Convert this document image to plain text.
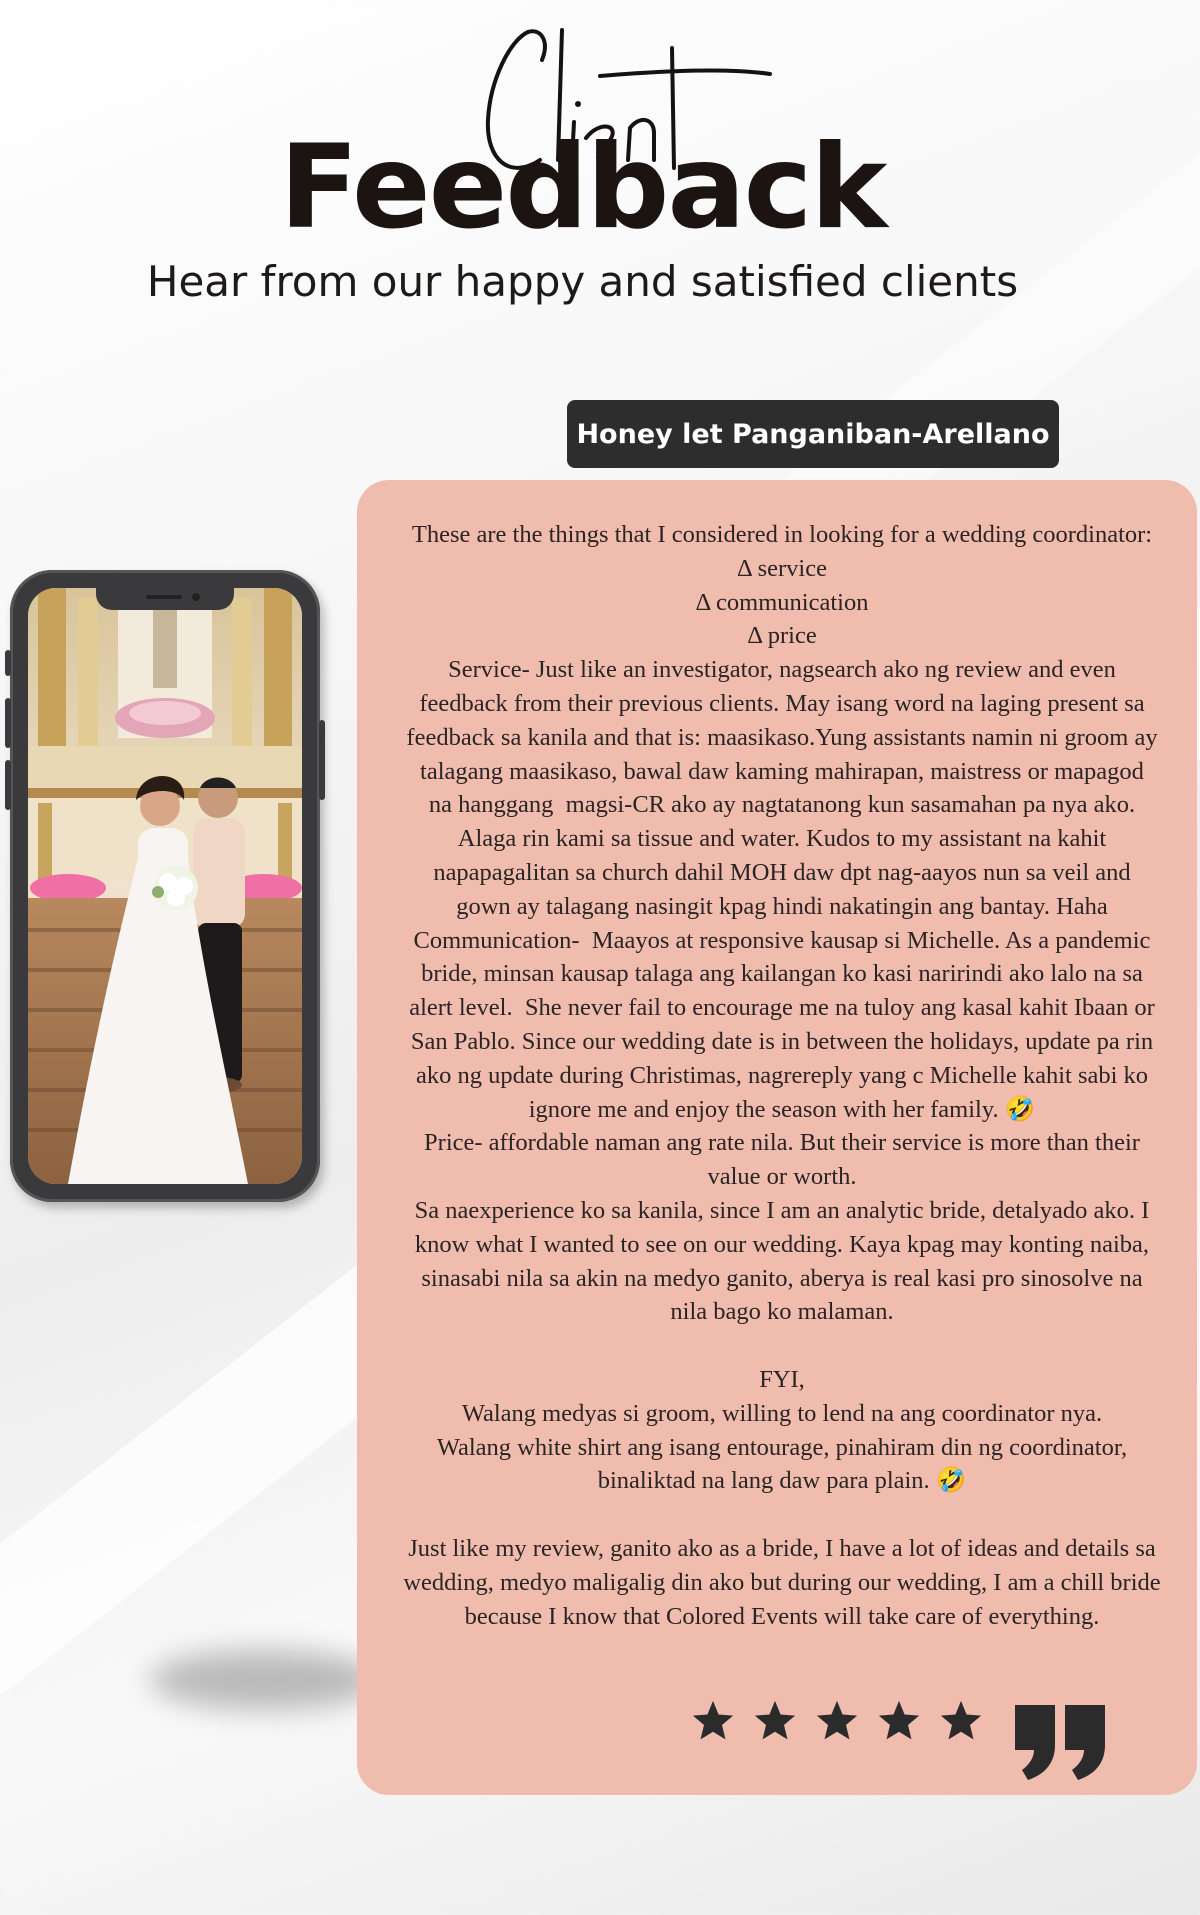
Client
Feedback
Hear from our happy and satisfied clients
Honey let Panganiban-Arellano
These are the things that I considered in looking for a wedding coordinator:
Δ service
Δ communication
Δ price
Service- Just like an investigator, nagsearch ako ng review and even
feedback from their previous clients. May isang word na laging present sa
feedback sa kanila and that is: maasikaso.Yung assistants namin ni groom ay
talagang maasikaso, bawal daw kaming mahirapan, maistress or mapagod
na hanggang  magsi-CR ako ay nagtatanong kun sasamahan pa nya ako.
Alaga rin kami sa tissue and water. Kudos to my assistant na kahit
napapagalitan sa church dahil MOH daw dpt nag-aayos nun sa veil and
gown ay talagang nasingit kpag hindi nakatingin ang bantay. Haha
Communication-  Maayos at responsive kausap si Michelle. As a pandemic
bride, minsan kausap talaga ang kailangan ko kasi naririndi ako lalo na sa
alert level.  She never fail to encourage me na tuloy ang kasal kahit Ibaan or
San Pablo. Since our wedding date is in between the holidays, update pa rin
ako ng update during Christimas, nagrereply yang c Michelle kahit sabi ko
ignore me and enjoy the season with her family. 🤣
Price- affordable naman ang rate nila. But their service is more than their
value or worth.
Sa naexperience ko sa kanila, since I am an analytic bride, detalyado ako. I
know what I wanted to see on our wedding. Kaya kpag may konting naiba,
sinasabi nila sa akin na medyo ganito, aberya is real kasi pro sinosolve na
nila bago ko malaman.
FYI,
Walang medyas si groom, willing to lend na ang coordinator nya.
Walang white shirt ang isang entourage, pinahiram din ng coordinator,
binaliktad na lang daw para plain. 🤣
Just like my review, ganito ako as a bride, I have a lot of ideas and details sa
wedding, medyo maligalig din ako but during our wedding, I am a chill bride
because I know that Colored Events will take care of everything.
